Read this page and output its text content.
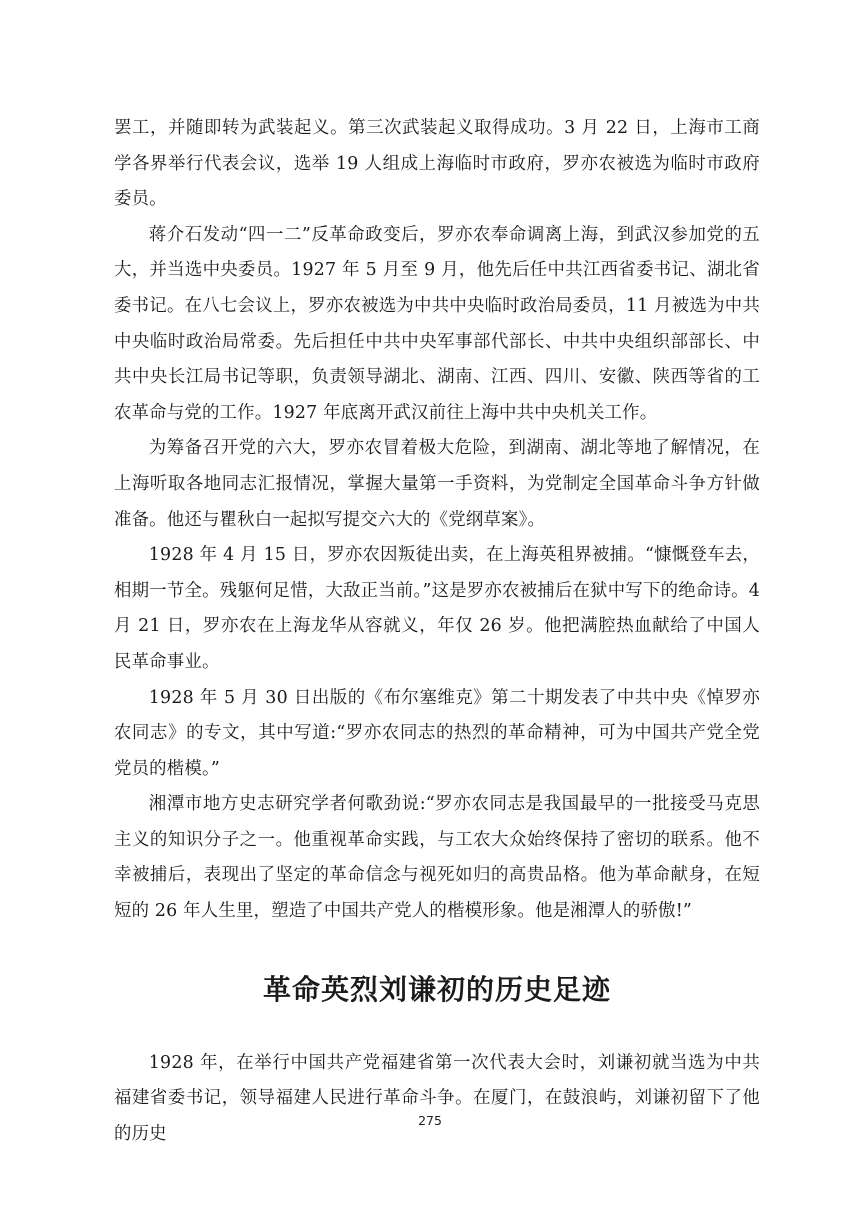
罢工，并随即转为武装起义。第三次武装起义取得成功。3 月 22 日，上海市工商学各界举行代表会议，选举 19 人组成上海临时市政府，罗亦农被选为临时市政府委员。

蒋介石发动“四一二”反革命政变后，罗亦农奉命调离上海，到武汉参加党的五大，并当选中央委员。1927 年 5 月至 9 月，他先后任中共江西省委书记、湖北省委书记。在八七会议上，罗亦农被选为中共中央临时政治局委员，11 月被选为中共中央临时政治局常委。先后担任中共中央军事部代部长、中共中央组织部部长、中共中央长江局书记等职，负责领导湖北、湖南、江西、四川、安徽、陕西等省的工农革命与党的工作。1927 年底离开武汉前往上海中共中央机关工作。

为筹备召开党的六大，罗亦农冒着极大危险，到湖南、湖北等地了解情况，在上海听取各地同志汇报情况，掌握大量第一手资料，为党制定全国革命斗争方针做准备。他还与瞿秋白一起拟写提交六大的《党纲草案》。

1928 年 4 月 15 日，罗亦农因叛徒出卖，在上海英租界被捕。“慷慨登车去，相期一节全。残躯何足惜，大敌正当前。”这是罗亦农被捕后在狱中写下的绝命诗。4 月 21 日，罗亦农在上海龙华从容就义，年仅 26 岁。他把满腔热血献给了中国人民革命事业。

1928 年 5 月 30 日出版的《布尔塞维克》第二十期发表了中共中央《悼罗亦农同志》的专文，其中写道:“罗亦农同志的热烈的革命精神，可为中国共产党全党党员的楷模。”

湘潭市地方史志研究学者何歌劲说:“罗亦农同志是我国最早的一批接受马克思主义的知识分子之一。他重视革命实践，与工农大众始终保持了密切的联系。他不幸被捕后，表现出了坚定的革命信念与视死如归的高贵品格。他为革命献身，在短短的 26 年人生里，塑造了中国共产党人的楷模形象。他是湘潭人的骄傲!”

革命英烈刘谦初的历史足迹

1928 年，在举行中国共产党福建省第一次代表大会时，刘谦初就当选为中共福建省委书记，领导福建人民进行革命斗争。在厦门，在鼓浪屿，刘谦初留下了他的历史

275
